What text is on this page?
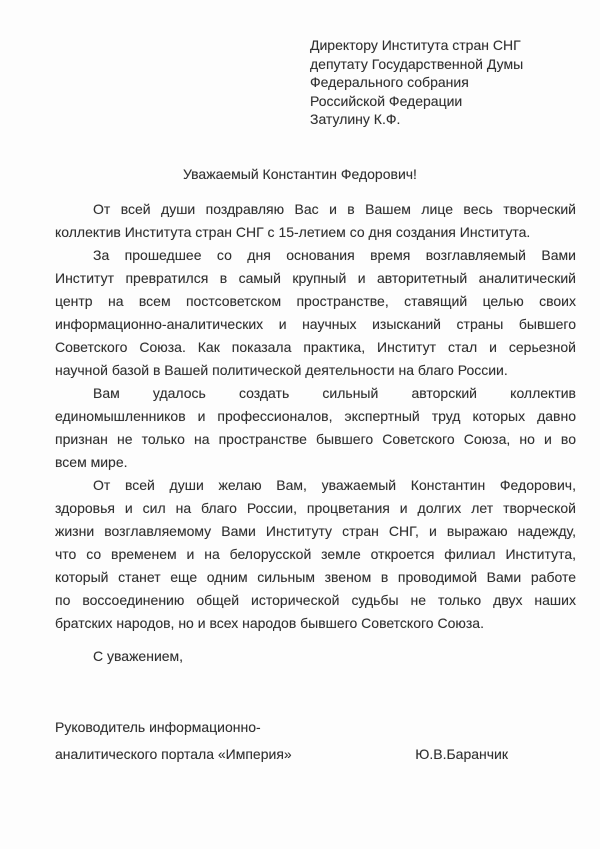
Директору Института стран СНГ
депутату Государственной Думы
Федерального собрания
Российской Федерации
Затулину К.Ф.
Уважаемый Константин Федорович!
От всей души поздравляю Вас и в Вашем лице весь творческий
коллектив Института стран СНГ с 15-летием со дня создания Института.
За прошедшее со дня основания время возглавляемый Вами
Институт превратился в самый крупный и авторитетный аналитический
центр на всем постсоветском пространстве, ставящий целью своих
информационно-аналитических и научных изысканий страны бывшего
Советского Союза. Как показала практика, Институт стал и серьезной
научной базой в Вашей политической деятельности на благо России.
Вам удалось создать сильный авторский коллектив
единомышленников и профессионалов, экспертный труд которых давно
признан не только на пространстве бывшего Советского Союза, но и во
всем мире.
От всей души желаю Вам, уважаемый Константин Федорович,
здоровья и сил на благо России, процветания и долгих лет творческой
жизни возглавляемому Вами Институту стран СНГ, и выражаю надежду,
что со временем и на белорусской земле откроется филиал Института,
который станет еще одним сильным звеном в проводимой Вами работе
по воссоединению общей исторической судьбы не только двух наших
братских народов, но и всех народов бывшего Советского Союза.
С уважением,
Руководитель информационно-
аналитического портала «Империя»	Ю.В.Баранчик
